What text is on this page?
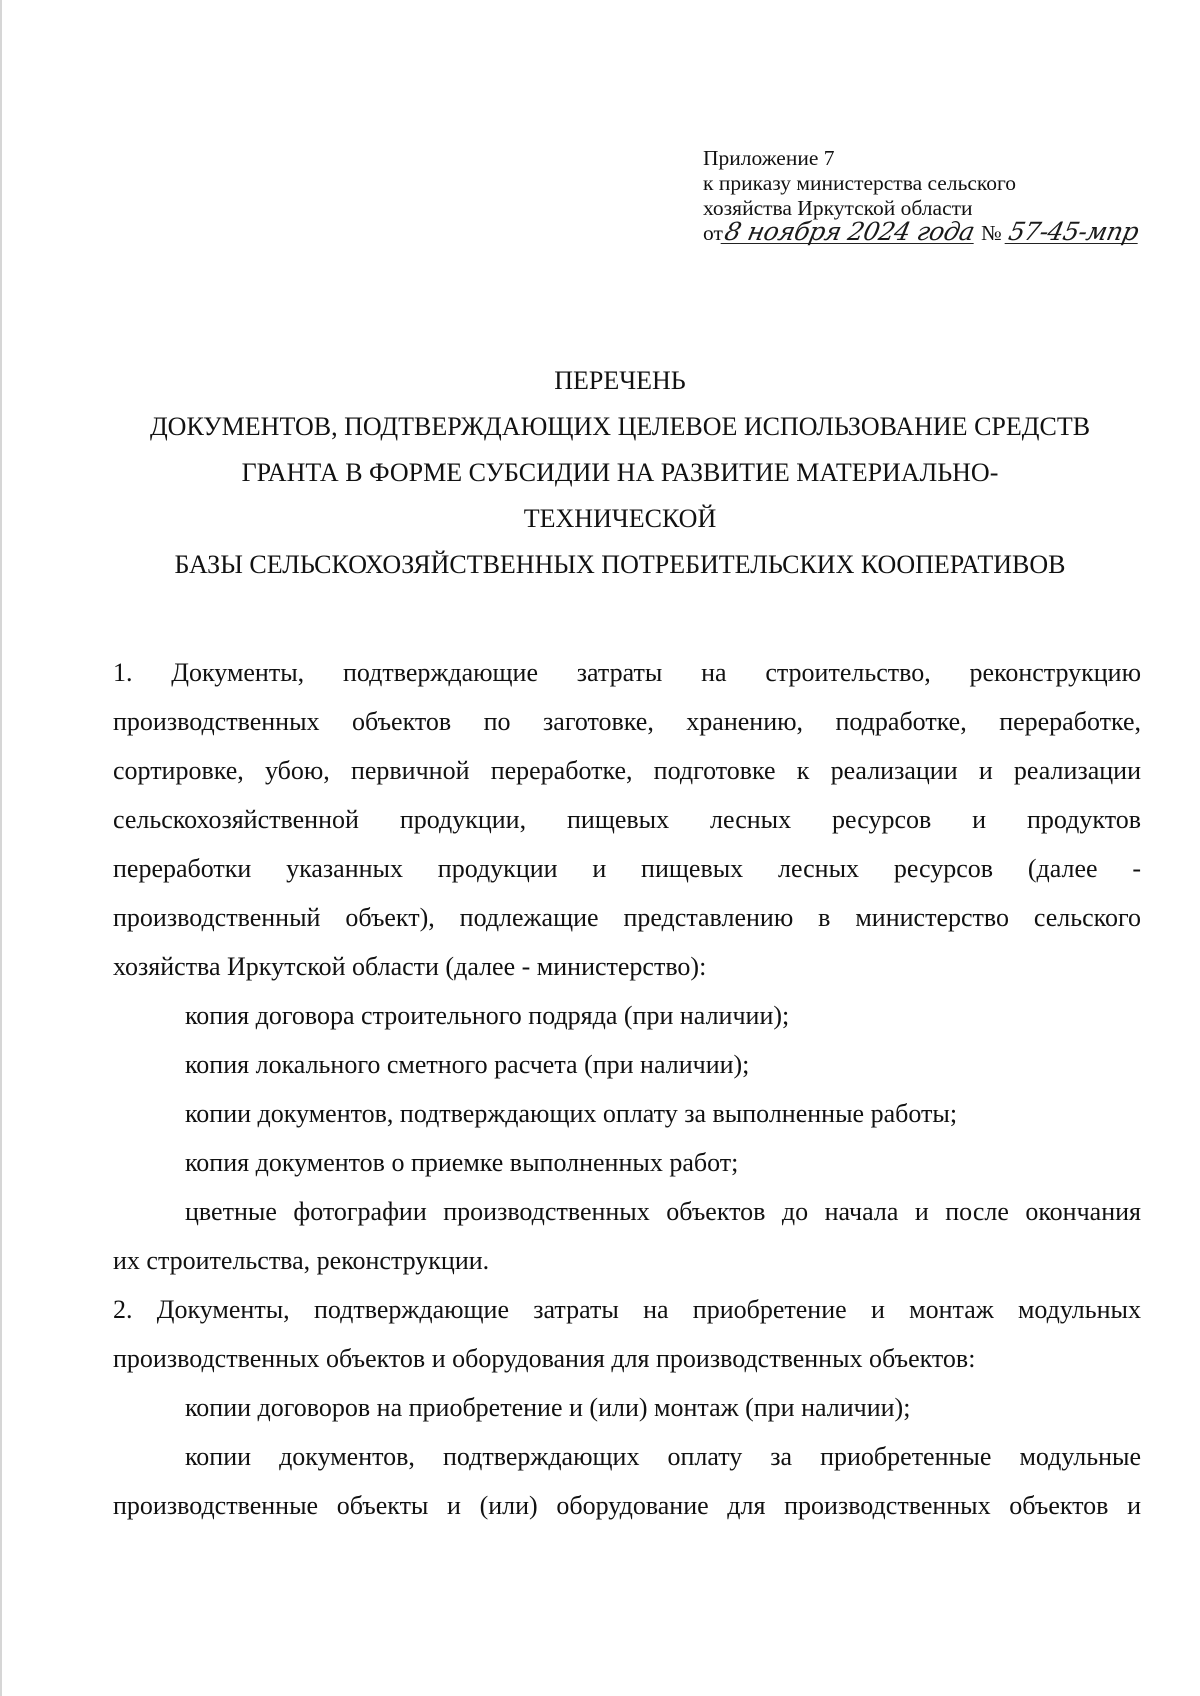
Приложение 7
к приказу министерства сельского
хозяйства Иркутской области
от8 ноября 2024 года № 57-45-мпр
ПЕРЕЧЕНЬ
ДОКУМЕНТОВ, ПОДТВЕРЖДАЮЩИХ ЦЕЛЕВОЕ ИСПОЛЬЗОВАНИЕ СРЕДСТВ
ГРАНТА В ФОРМЕ СУБСИДИИ НА РАЗВИТИЕ МАТЕРИАЛЬНО-
ТЕХНИЧЕСКОЙ
БАЗЫ СЕЛЬСКОХОЗЯЙСТВЕННЫХ ПОТРЕБИТЕЛЬСКИХ КООПЕРАТИВОВ
1. Документы, подтверждающие затраты на строительство, реконструкцию
производственных объектов по заготовке, хранению, подработке, переработке,
сортировке, убою, первичной переработке, подготовке к реализации и реализации
сельскохозяйственной продукции, пищевых лесных ресурсов и продуктов
переработки указанных продукции и пищевых лесных ресурсов (далее -
производственный объект), подлежащие представлению в министерство сельского
хозяйства Иркутской области (далее - министерство):
копия договора строительного подряда (при наличии);
копия локального сметного расчета (при наличии);
копии документов, подтверждающих оплату за выполненные работы;
копия документов о приемке выполненных работ;
цветные фотографии производственных объектов до начала и после окончания
их строительства, реконструкции.
2. Документы, подтверждающие затраты на приобретение и монтаж модульных
производственных объектов и оборудования для производственных объектов:
копии договоров на приобретение и (или) монтаж (при наличии);
копии документов, подтверждающих оплату за приобретенные модульные
производственные объекты и (или) оборудование для производственных объектов и
